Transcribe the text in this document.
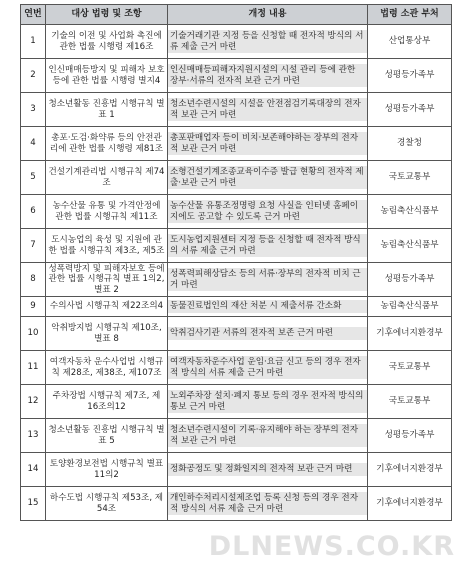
연번	대상 법령 및 조항	개정 내용	법령 소관 부처
1	기술의 이전 및 사업화 촉진에 관한 법률 시행령 제16조	기술거래기관 지정 등을 신청할 때 전자적 방식의 서류 제출 근거 마련	산업통상부
2	인신매매등방지 및 피해자 보호 등에 관한 법률 시행령 별지4	인신매매등피해자지원시설의 시설 관리 등에 관한 장부·서류의 전자적 보관 근거 마련	성평등가족부
3	청소년활동 진흥법 시행규칙 별표 1	청소년수련시설의 시설을 안전점검기록대장의 전자적 보관 근거 마련	성평등가족부
4	총포·도검·화약류 등의 안전관리에 관한 법률 시행령 제81조	총포판매업자 등이 비치·보존해야하는 장부의 전자적 보관 근거 마련	경찰청
5	건설기계관리법 시행규칙 제74조	소형건설기계조종교육이수증 발급 현황의 전자적 제출·보관 근거 마련	국토교통부
6	농수산물 유통 및 가격안정에 관한 법률 시행규칙 제11조	농수산물 유통조정명령 요청 사실을 인터넷 홈페이지에도 공고할 수 있도록 근거 마련	농림축산식품부
7	도시농업의 육성 및 지원에 관한 법률 시행규칙 제3조, 제5조	도시농업지원센터 지정 등을 신청할 때 전자적 방식의 서류 제출 근거 마련	농림축산식품부
8	성폭력방지 및 피해자보호 등에 관한 법률 시행규칙 별표 1의2, 별표 2	성폭력피해상담소 등의 서류·장부의 전자적 비치 근거 마련	성평등가족부
9	수의사법 시행규칙 제22조의4	동물진료법인의 재산 처분 시 제출서류 간소화	농림축산식품부
10	악취방지법 시행규칙 제10조, 별표 8	악취검사기관 서류의 전자적 보존 근거 마련	기후에너지환경부
11	여객자동차 운수사업법 시행규칙 제28조, 제38조, 제107조	여객자동차운수사업 운임·요금 신고 등의 경우 전자적 방식의 서류 제출 근거 마련	국토교통부
12	주차장법 시행규칙 제7조, 제16조의12	노외주차장 설치·폐지 통보 등의 경우 전자적 방식의 통보 근거 마련	국토교통부
13	청소년활동 진흥법 시행규칙 별표 5	청소년수련시설이 기록·유지해야 하는 장부의 전자적 보관 근거 마련	성평등가족부
14	토양환경보전법 시행규칙 별표 11의2	정화공정도 및 정화일지의 전자적 보관 근거 마련	기후에너지환경부
15	하수도법 시행규칙 제53조, 제54조	개인하수처리시설제조업 등록 신청 등의 경우 전자적 방식의 서류 제출 근거 마련	기후에너지환경부
DLNEWS.CO.KR
